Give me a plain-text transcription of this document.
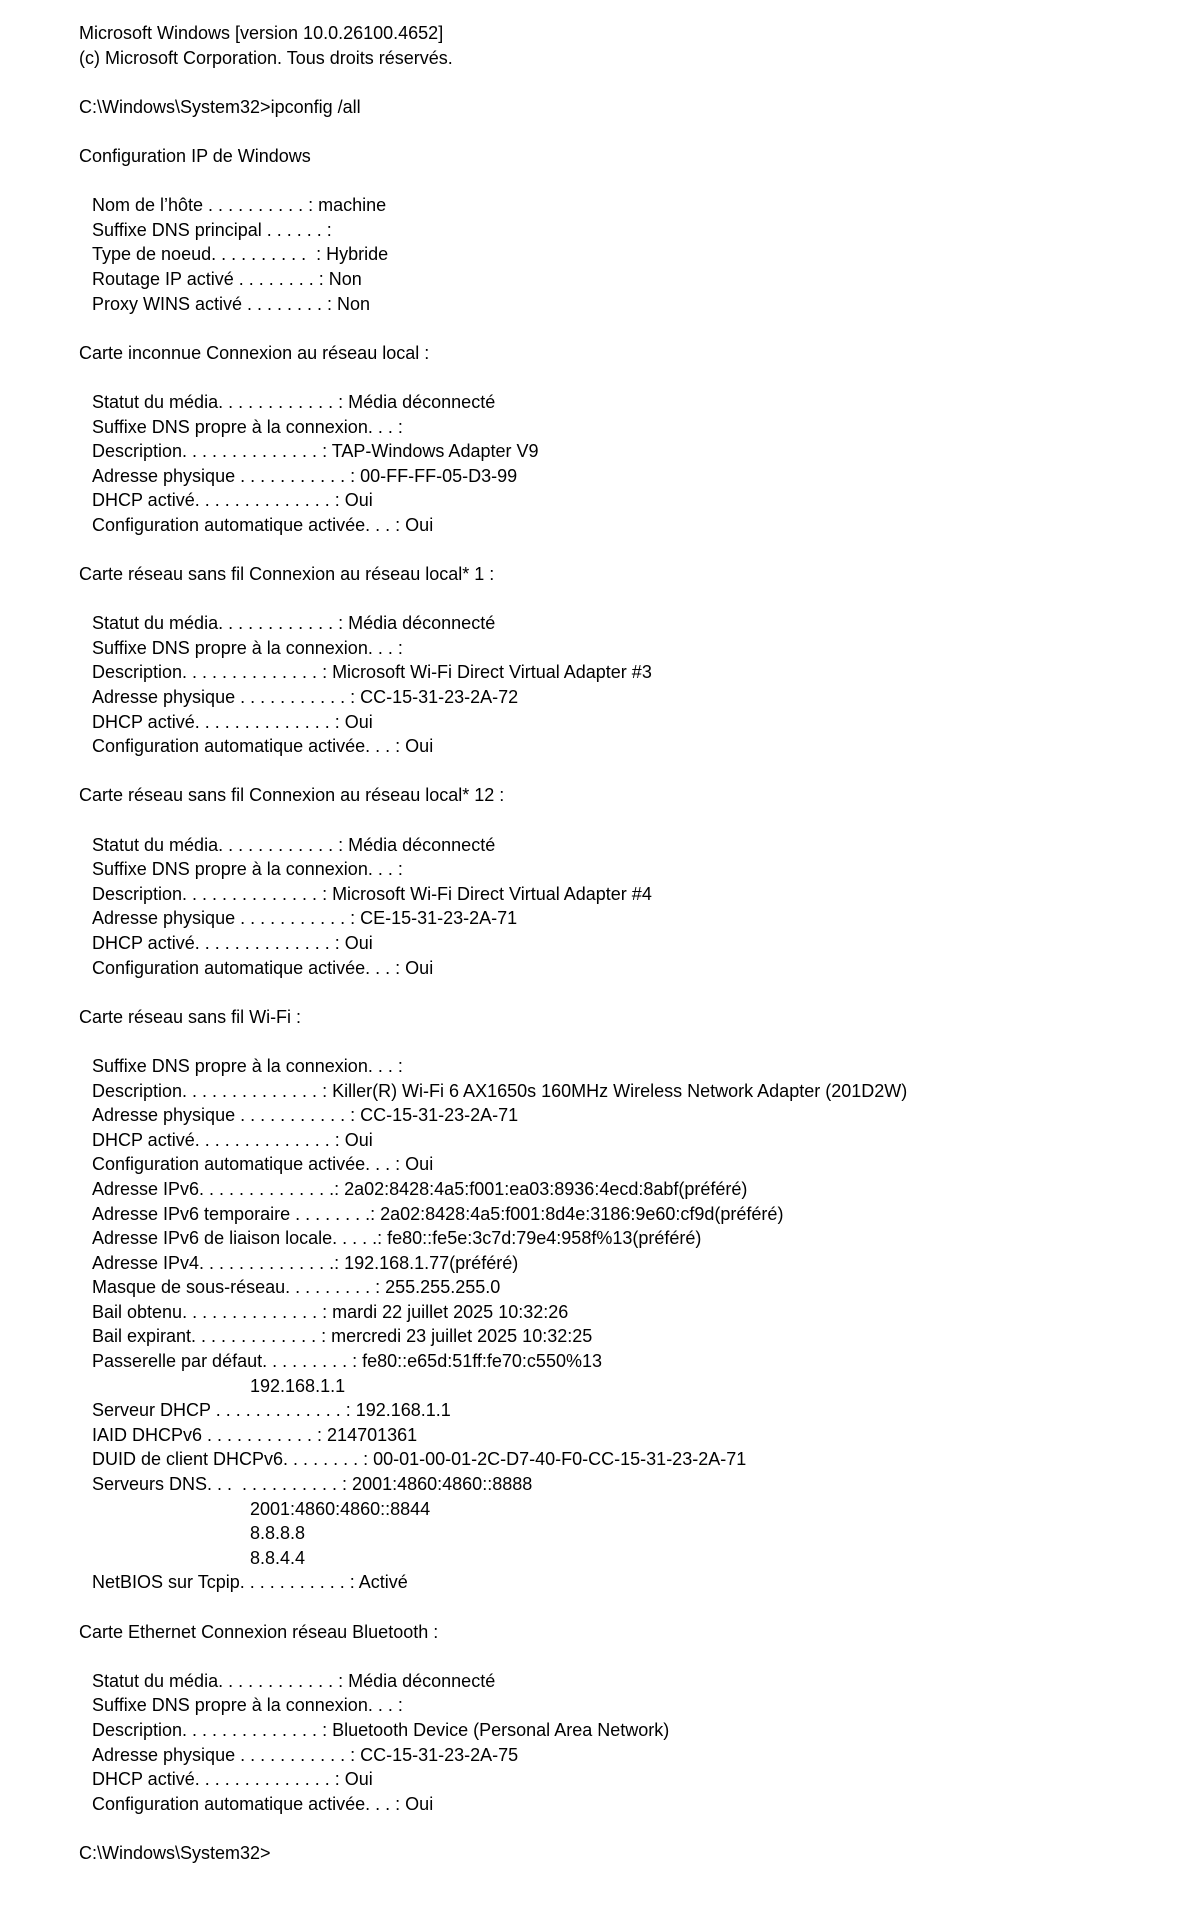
Microsoft Windows [version 10.0.26100.4652]
(c) Microsoft Corporation. Tous droits réservés.
C:\Windows\System32>ipconfig /all
Configuration IP de Windows
Nom de l’hôte . . . . . . . . . . : machine
Suffixe DNS principal . . . . . . :
Type de noeud. . . . . . . . . .  : Hybride
Routage IP activé . . . . . . . . : Non
Proxy WINS activé . . . . . . . . : Non
Carte inconnue Connexion au réseau local :
Statut du média. . . . . . . . . . . . : Média déconnecté
Suffixe DNS propre à la connexion. . . :
Description. . . . . . . . . . . . . . : TAP-Windows Adapter V9
Adresse physique . . . . . . . . . . . : 00-FF-FF-05-D3-99
DHCP activé. . . . . . . . . . . . . . : Oui
Configuration automatique activée. . . : Oui
Carte réseau sans fil Connexion au réseau local* 1 :
Statut du média. . . . . . . . . . . . : Média déconnecté
Suffixe DNS propre à la connexion. . . :
Description. . . . . . . . . . . . . . : Microsoft Wi-Fi Direct Virtual Adapter #3
Adresse physique . . . . . . . . . . . : CC-15-31-23-2A-72
DHCP activé. . . . . . . . . . . . . . : Oui
Configuration automatique activée. . . : Oui
Carte réseau sans fil Connexion au réseau local* 12 :
Statut du média. . . . . . . . . . . . : Média déconnecté
Suffixe DNS propre à la connexion. . . :
Description. . . . . . . . . . . . . . : Microsoft Wi-Fi Direct Virtual Adapter #4
Adresse physique . . . . . . . . . . . : CE-15-31-23-2A-71
DHCP activé. . . . . . . . . . . . . . : Oui
Configuration automatique activée. . . : Oui
Carte réseau sans fil Wi-Fi :
Suffixe DNS propre à la connexion. . . :
Description. . . . . . . . . . . . . . : Killer(R) Wi-Fi 6 AX1650s 160MHz Wireless Network Adapter (201D2W)
Adresse physique . . . . . . . . . . . : CC-15-31-23-2A-71
DHCP activé. . . . . . . . . . . . . . : Oui
Configuration automatique activée. . . : Oui
Adresse IPv6. . . . . . . . . . . . . .: 2a02:8428:4a5:f001:ea03:8936:4ecd:8abf(préféré)
Adresse IPv6 temporaire . . . . . . . .: 2a02:8428:4a5:f001:8d4e:3186:9e60:cf9d(préféré)
Adresse IPv6 de liaison locale. . . . .: fe80::fe5e:3c7d:79e4:958f%13(préféré)
Adresse IPv4. . . . . . . . . . . . . .: 192.168.1.77(préféré)
Masque de sous-réseau. . . . . . . . . : 255.255.255.0
Bail obtenu. . . . . . . . . . . . . . : mardi 22 juillet 2025 10:32:26
Bail expirant. . . . . . . . . . . . . : mercredi 23 juillet 2025 10:32:25
Passerelle par défaut. . . . . . . . . : fe80::e65d:51ff:fe70:c550%13
192.168.1.1
Serveur DHCP . . . . . . . . . . . . . : 192.168.1.1
IAID DHCPv6 . . . . . . . . . . . : 214701361
DUID de client DHCPv6. . . . . . . . : 00-01-00-01-2C-D7-40-F0-CC-15-31-23-2A-71
Serveurs DNS. . .  . . . . . . . . . . : 2001:4860:4860::8888
2001:4860:4860::8844
8.8.8.8
8.8.4.4
NetBIOS sur Tcpip. . . . . . . . . . . : Activé
Carte Ethernet Connexion réseau Bluetooth :
Statut du média. . . . . . . . . . . . : Média déconnecté
Suffixe DNS propre à la connexion. . . :
Description. . . . . . . . . . . . . . : Bluetooth Device (Personal Area Network)
Adresse physique . . . . . . . . . . . : CC-15-31-23-2A-75
DHCP activé. . . . . . . . . . . . . . : Oui
Configuration automatique activée. . . : Oui
C:\Windows\System32>
